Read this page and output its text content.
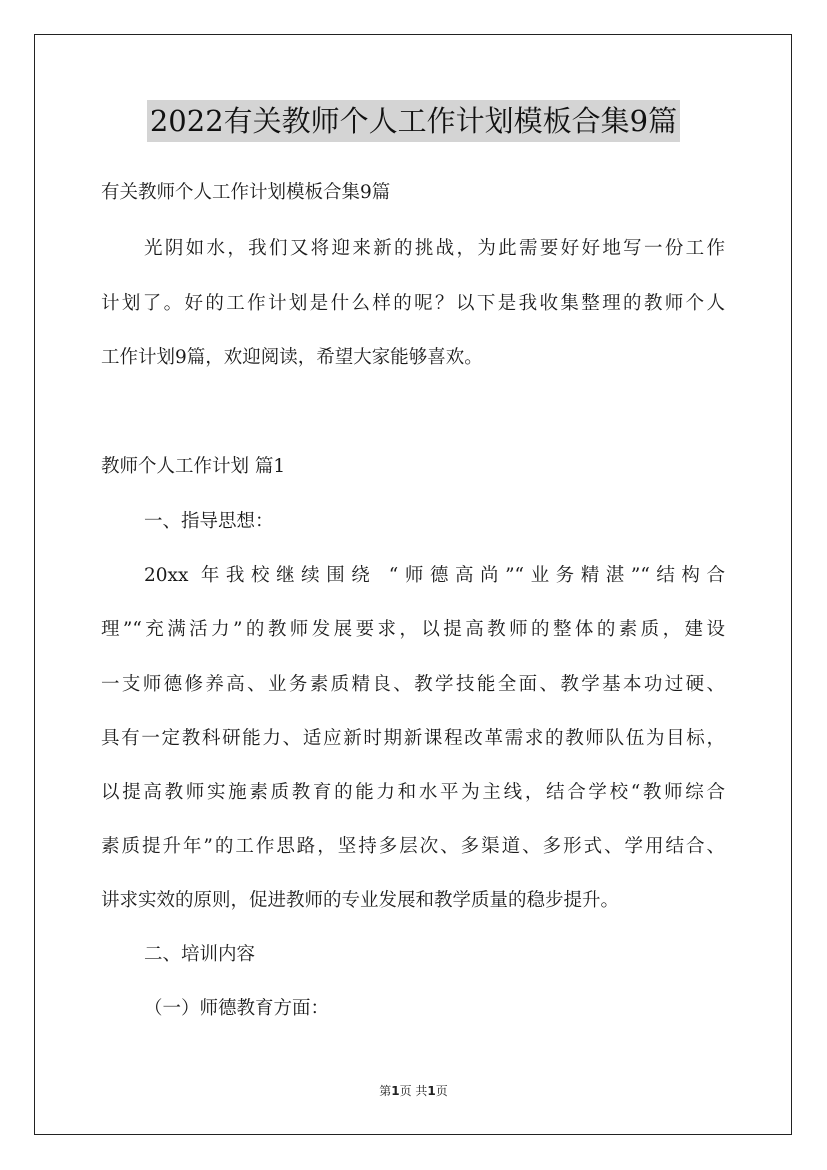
2022有关教师个人工作计划模板合集9篇
有关教师个人工作计划模板合集9篇
光阴如水，我们又将迎来新的挑战，为此需要好好地写一份工作
计划了。好的工作计划是什么样的呢？以下是我收集整理的教师个人
工作计划9篇，欢迎阅读，希望大家能够喜欢。
教师个人工作计划 篇1
一、指导思想：
20xx 年我校继续围绕 “师德高尚”“业务精湛”“结构合
理”“充满活力”的教师发展要求，以提高教师的整体的素质，建设
一支师德修养高、业务素质精良、教学技能全面、教学基本功过硬、
具有一定教科研能力、适应新时期新课程改革需求的教师队伍为目标，
以提高教师实施素质教育的能力和水平为主线，结合学校“教师综合
素质提升年”的工作思路，坚持多层次、多渠道、多形式、学用结合、
讲求实效的原则，促进教师的专业发展和教学质量的稳步提升。
二、培训内容
（一）师德教育方面：
第1页 共1页
